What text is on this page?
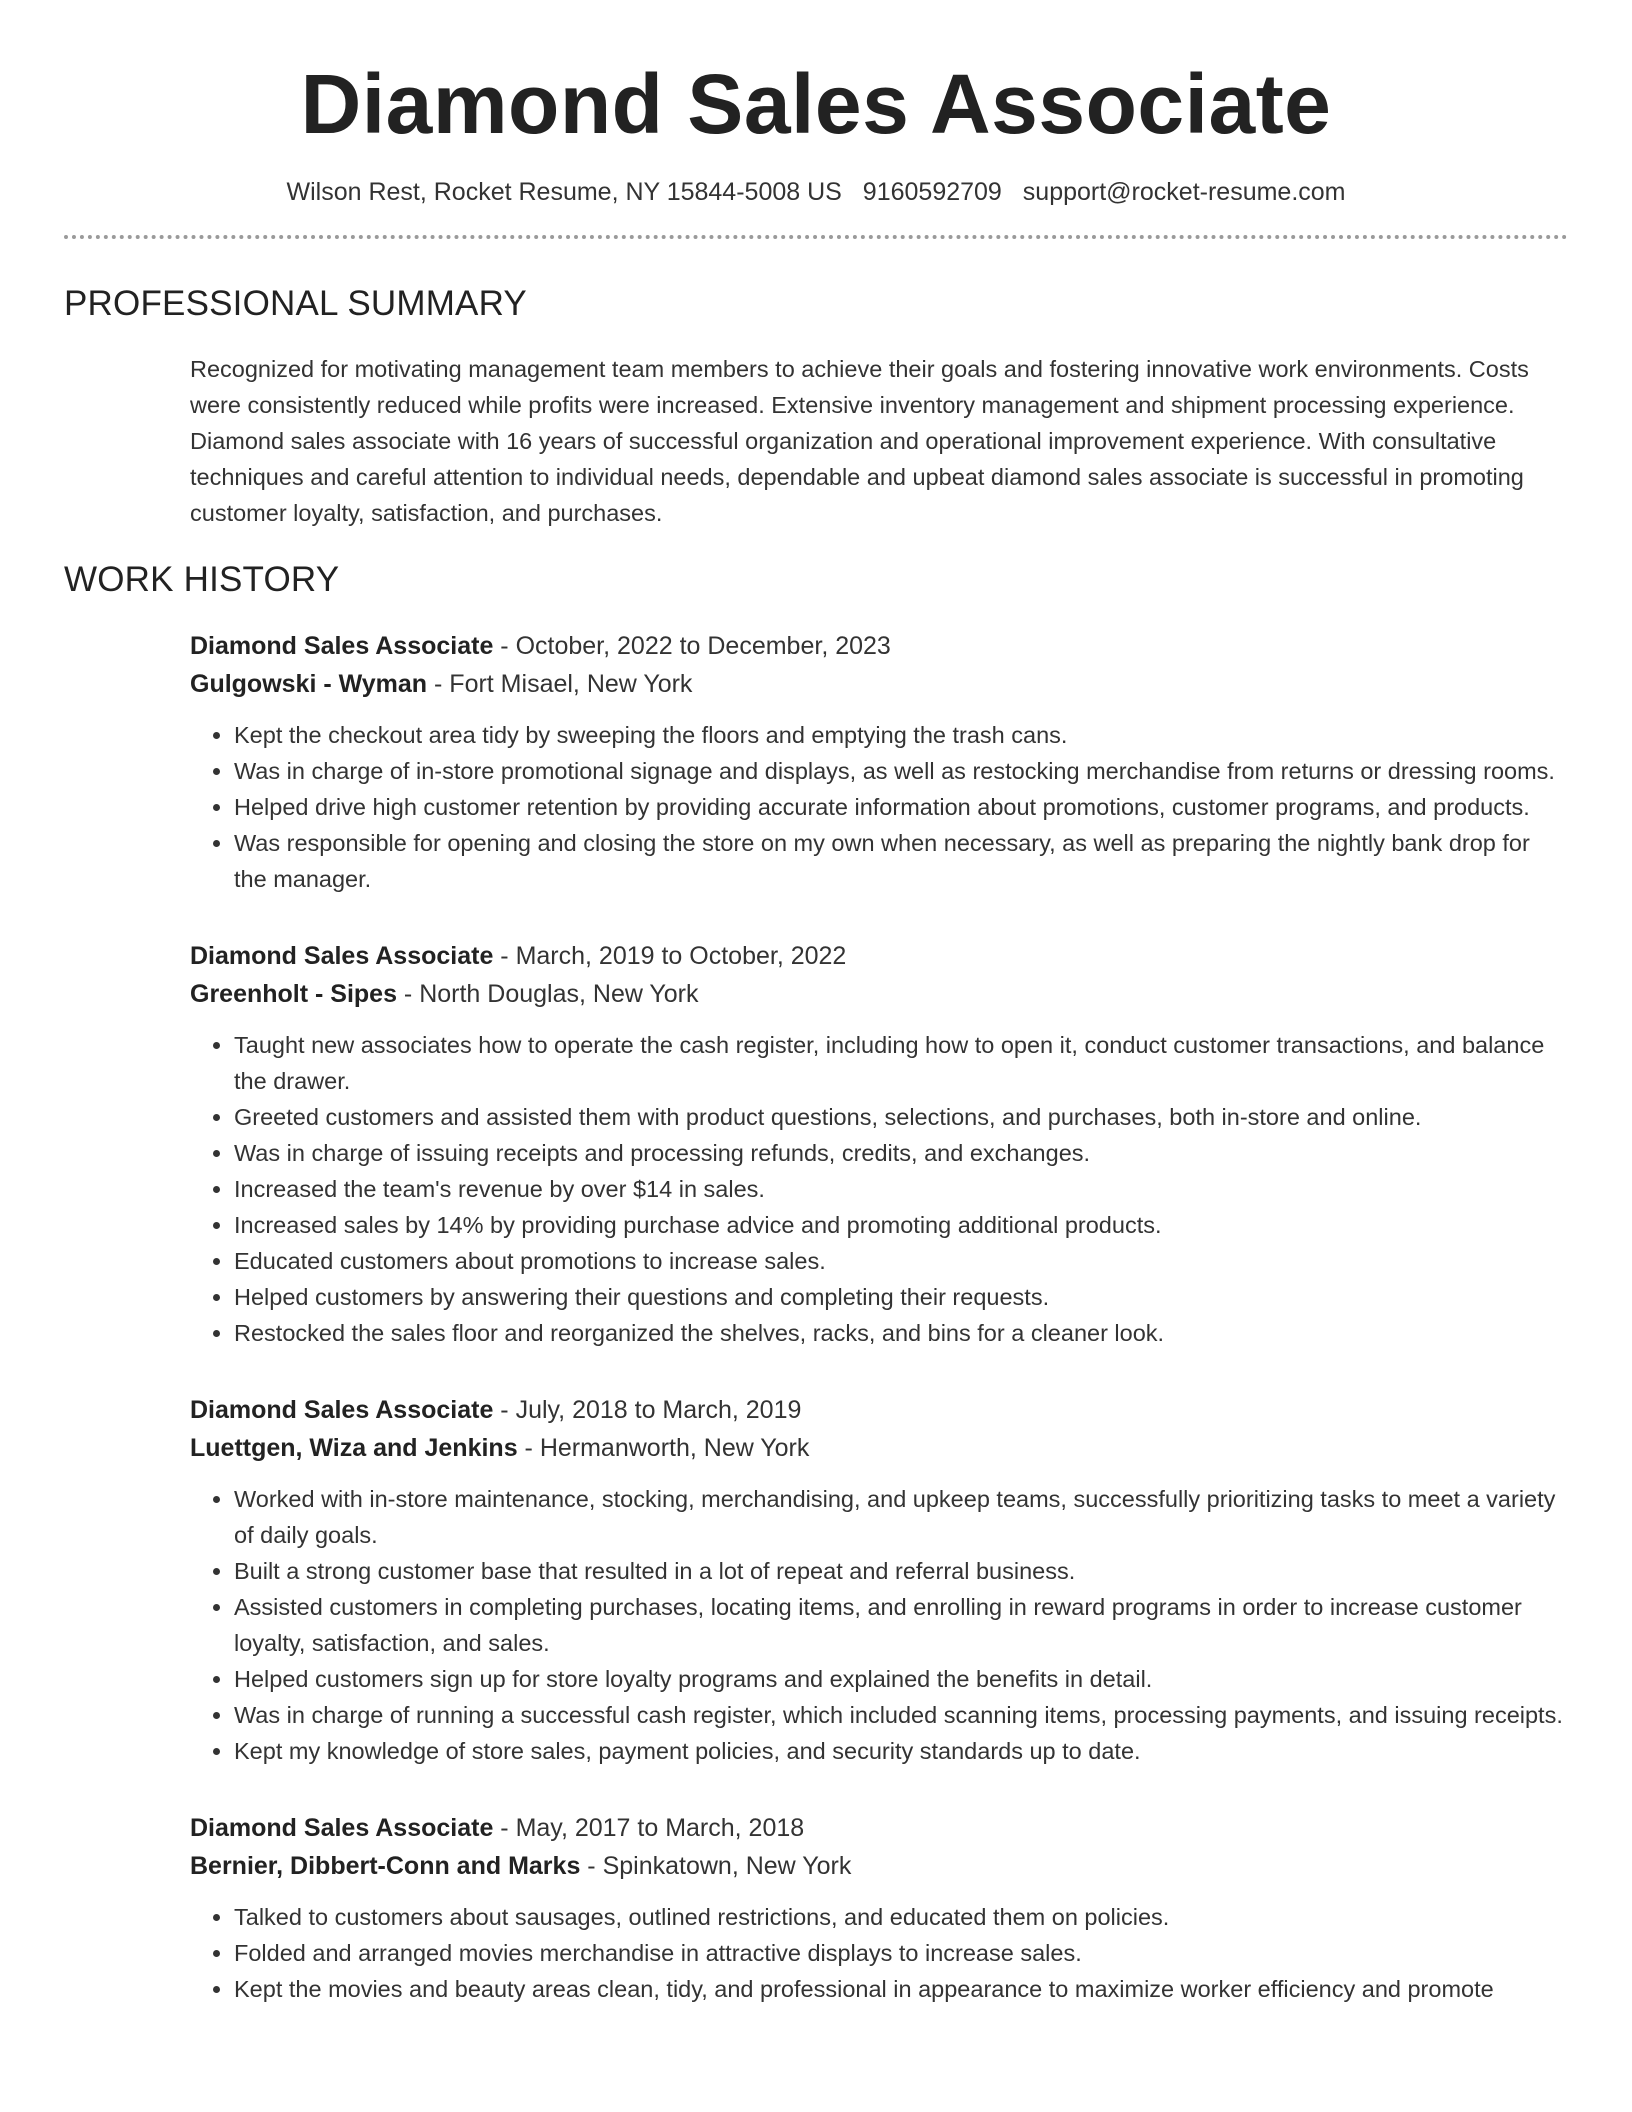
Diamond Sales Associate
Wilson Rest, Rocket Resume, NY 15844-5008 US 9160592709 support@rocket-resume.com
PROFESSIONAL SUMMARY
Recognized for motivating management team members to achieve their goals and fostering innovative work environments. Costs were consistently reduced while profits were increased. Extensive inventory management and shipment processing experience. Diamond sales associate with 16 years of successful organization and operational improvement experience. With consultative techniques and careful attention to individual needs, dependable and upbeat diamond sales associate is successful in promoting customer loyalty, satisfaction, and purchases.
WORK HISTORY
Diamond Sales Associate - October, 2022 to December, 2023
Gulgowski - Wyman - Fort Misael, New York
• Kept the checkout area tidy by sweeping the floors and emptying the trash cans.
• Was in charge of in-store promotional signage and displays, as well as restocking merchandise from returns or dressing rooms.
• Helped drive high customer retention by providing accurate information about promotions, customer programs, and products.
• Was responsible for opening and closing the store on my own when necessary, as well as preparing the nightly bank drop for the manager.
Diamond Sales Associate - March, 2019 to October, 2022
Greenholt - Sipes - North Douglas, New York
• Taught new associates how to operate the cash register, including how to open it, conduct customer transactions, and balance the drawer.
• Greeted customers and assisted them with product questions, selections, and purchases, both in-store and online.
• Was in charge of issuing receipts and processing refunds, credits, and exchanges.
• Increased the team's revenue by over $14 in sales.
• Increased sales by 14% by providing purchase advice and promoting additional products.
• Educated customers about promotions to increase sales.
• Helped customers by answering their questions and completing their requests.
• Restocked the sales floor and reorganized the shelves, racks, and bins for a cleaner look.
Diamond Sales Associate - July, 2018 to March, 2019
Luettgen, Wiza and Jenkins - Hermanworth, New York
• Worked with in-store maintenance, stocking, merchandising, and upkeep teams, successfully prioritizing tasks to meet a variety of daily goals.
• Built a strong customer base that resulted in a lot of repeat and referral business.
• Assisted customers in completing purchases, locating items, and enrolling in reward programs in order to increase customer loyalty, satisfaction, and sales.
• Helped customers sign up for store loyalty programs and explained the benefits in detail.
• Was in charge of running a successful cash register, which included scanning items, processing payments, and issuing receipts.
• Kept my knowledge of store sales, payment policies, and security standards up to date.
Diamond Sales Associate - May, 2017 to March, 2018
Bernier, Dibbert-Conn and Marks - Spinkatown, New York
• Talked to customers about sausages, outlined restrictions, and educated them on policies.
• Folded and arranged movies merchandise in attractive displays to increase sales.
• Kept the movies and beauty areas clean, tidy, and professional in appearance to maximize worker efficiency and promote
